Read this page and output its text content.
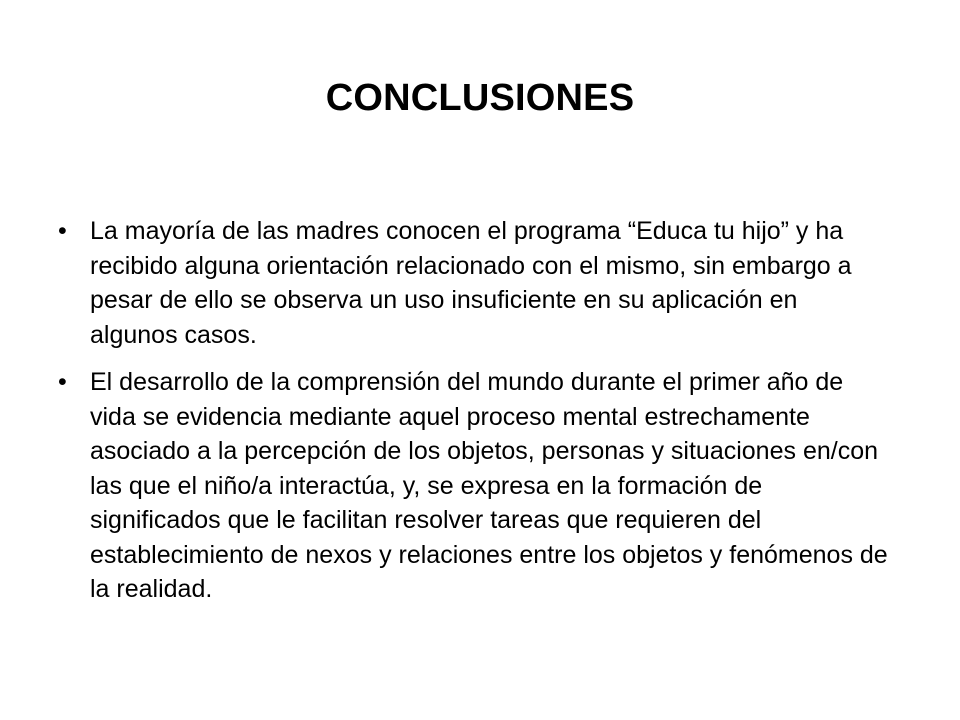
CONCLUSIONES
• La mayoría de las madres conocen el programa “Educa tu hijo” y ha recibido alguna orientación relacionado con el mismo, sin embargo a pesar de ello se observa un uso insuficiente en su aplicación en algunos casos.
• El desarrollo de la comprensión del mundo durante el primer año de vida se evidencia mediante aquel proceso mental estrechamente asociado a la percepción de los objetos, personas y situaciones en/con las que el niño/a interactúa, y, se expresa en la formación de significados que le facilitan resolver tareas que requieren del establecimiento de nexos y relaciones entre los objetos y fenómenos de la realidad.
